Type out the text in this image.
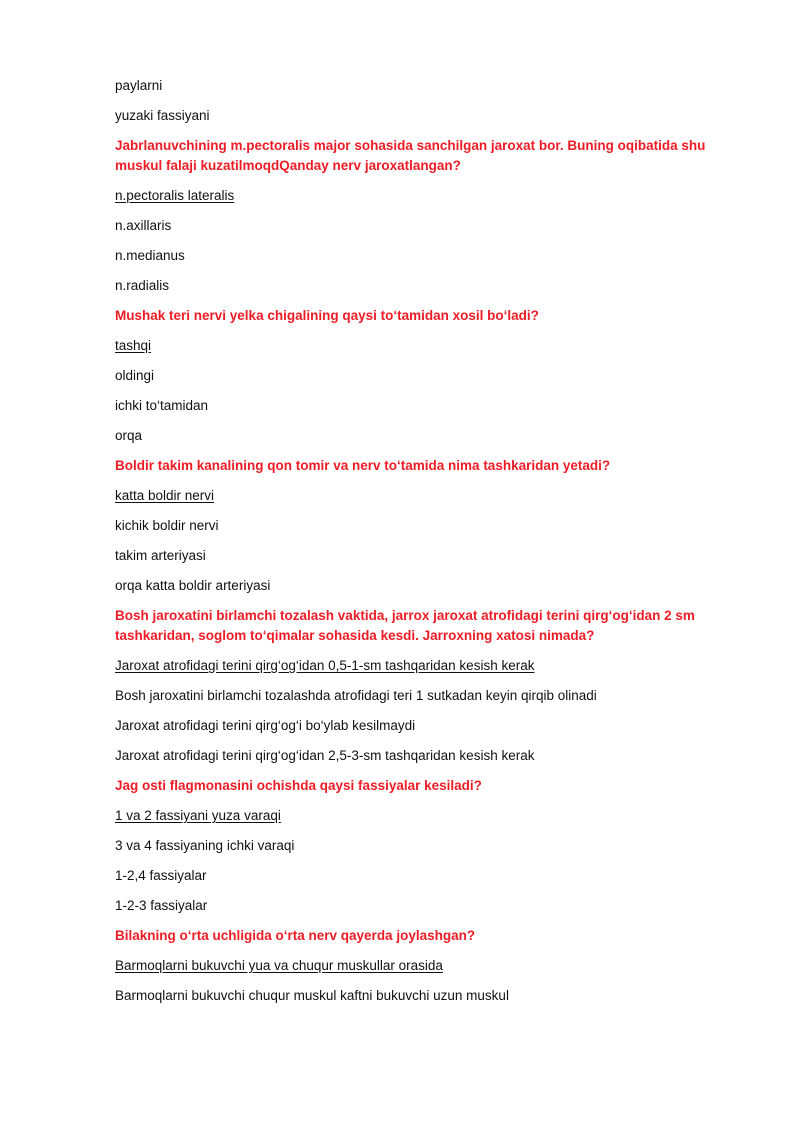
paylarni

yuzaki fassiyani

Jabrlanuvchining m.pectoralis major sohasida sanchilgan jaroxat bor. Buning oqibatida shu muskul falaji kuzatilmoqdQanday nerv jaroxatlangan?

n.pectoralis lateralis

n.axillaris

n.medianus

n.radialis

Mushak teri nervi yelka chigalining qaysi to‘tamidan xosil bo‘ladi?

tashqi

oldingi

ichki to‘tamidan

orqa

Boldir takim kanalining qon tomir va nerv to‘tamida nima tashkaridan yetadi?

katta boldir nervi

kichik boldir nervi

takim arteriyasi

orqa katta boldir arteriyasi

Bosh jaroxatini birlamchi tozalash vaktida, jarrox jaroxat atrofidagi terini qirg‘og‘idan 2 sm tashkaridan, soglom to‘qimalar sohasida kesdi. Jarroxning xatosi nimada?

Jaroxat atrofidagi terini qirg‘og‘idan 0,5-1-sm tashqaridan kesish kerak

Bosh jaroxatini birlamchi tozalashda atrofidagi teri 1 sutkadan keyin qirqib olinadi

Jaroxat atrofidagi terini qirg‘og‘i bo‘ylab kesilmaydi

Jaroxat atrofidagi terini qirg‘og‘idan 2,5-3-sm tashqaridan kesish kerak

Jag osti flagmonasini ochishda qaysi fassiyalar kesiladi?

1 va 2 fassiyani yuza varaqi

3 va 4 fassiyaning ichki varaqi

1-2,4 fassiyalar

1-2-3 fassiyalar

Bilakning o‘rta uchligida o‘rta nerv qayerda joylashgan?

Barmoqlarni bukuvchi yua va chuqur muskullar orasida

Barmoqlarni bukuvchi chuqur muskul kaftni bukuvchi uzun muskul
